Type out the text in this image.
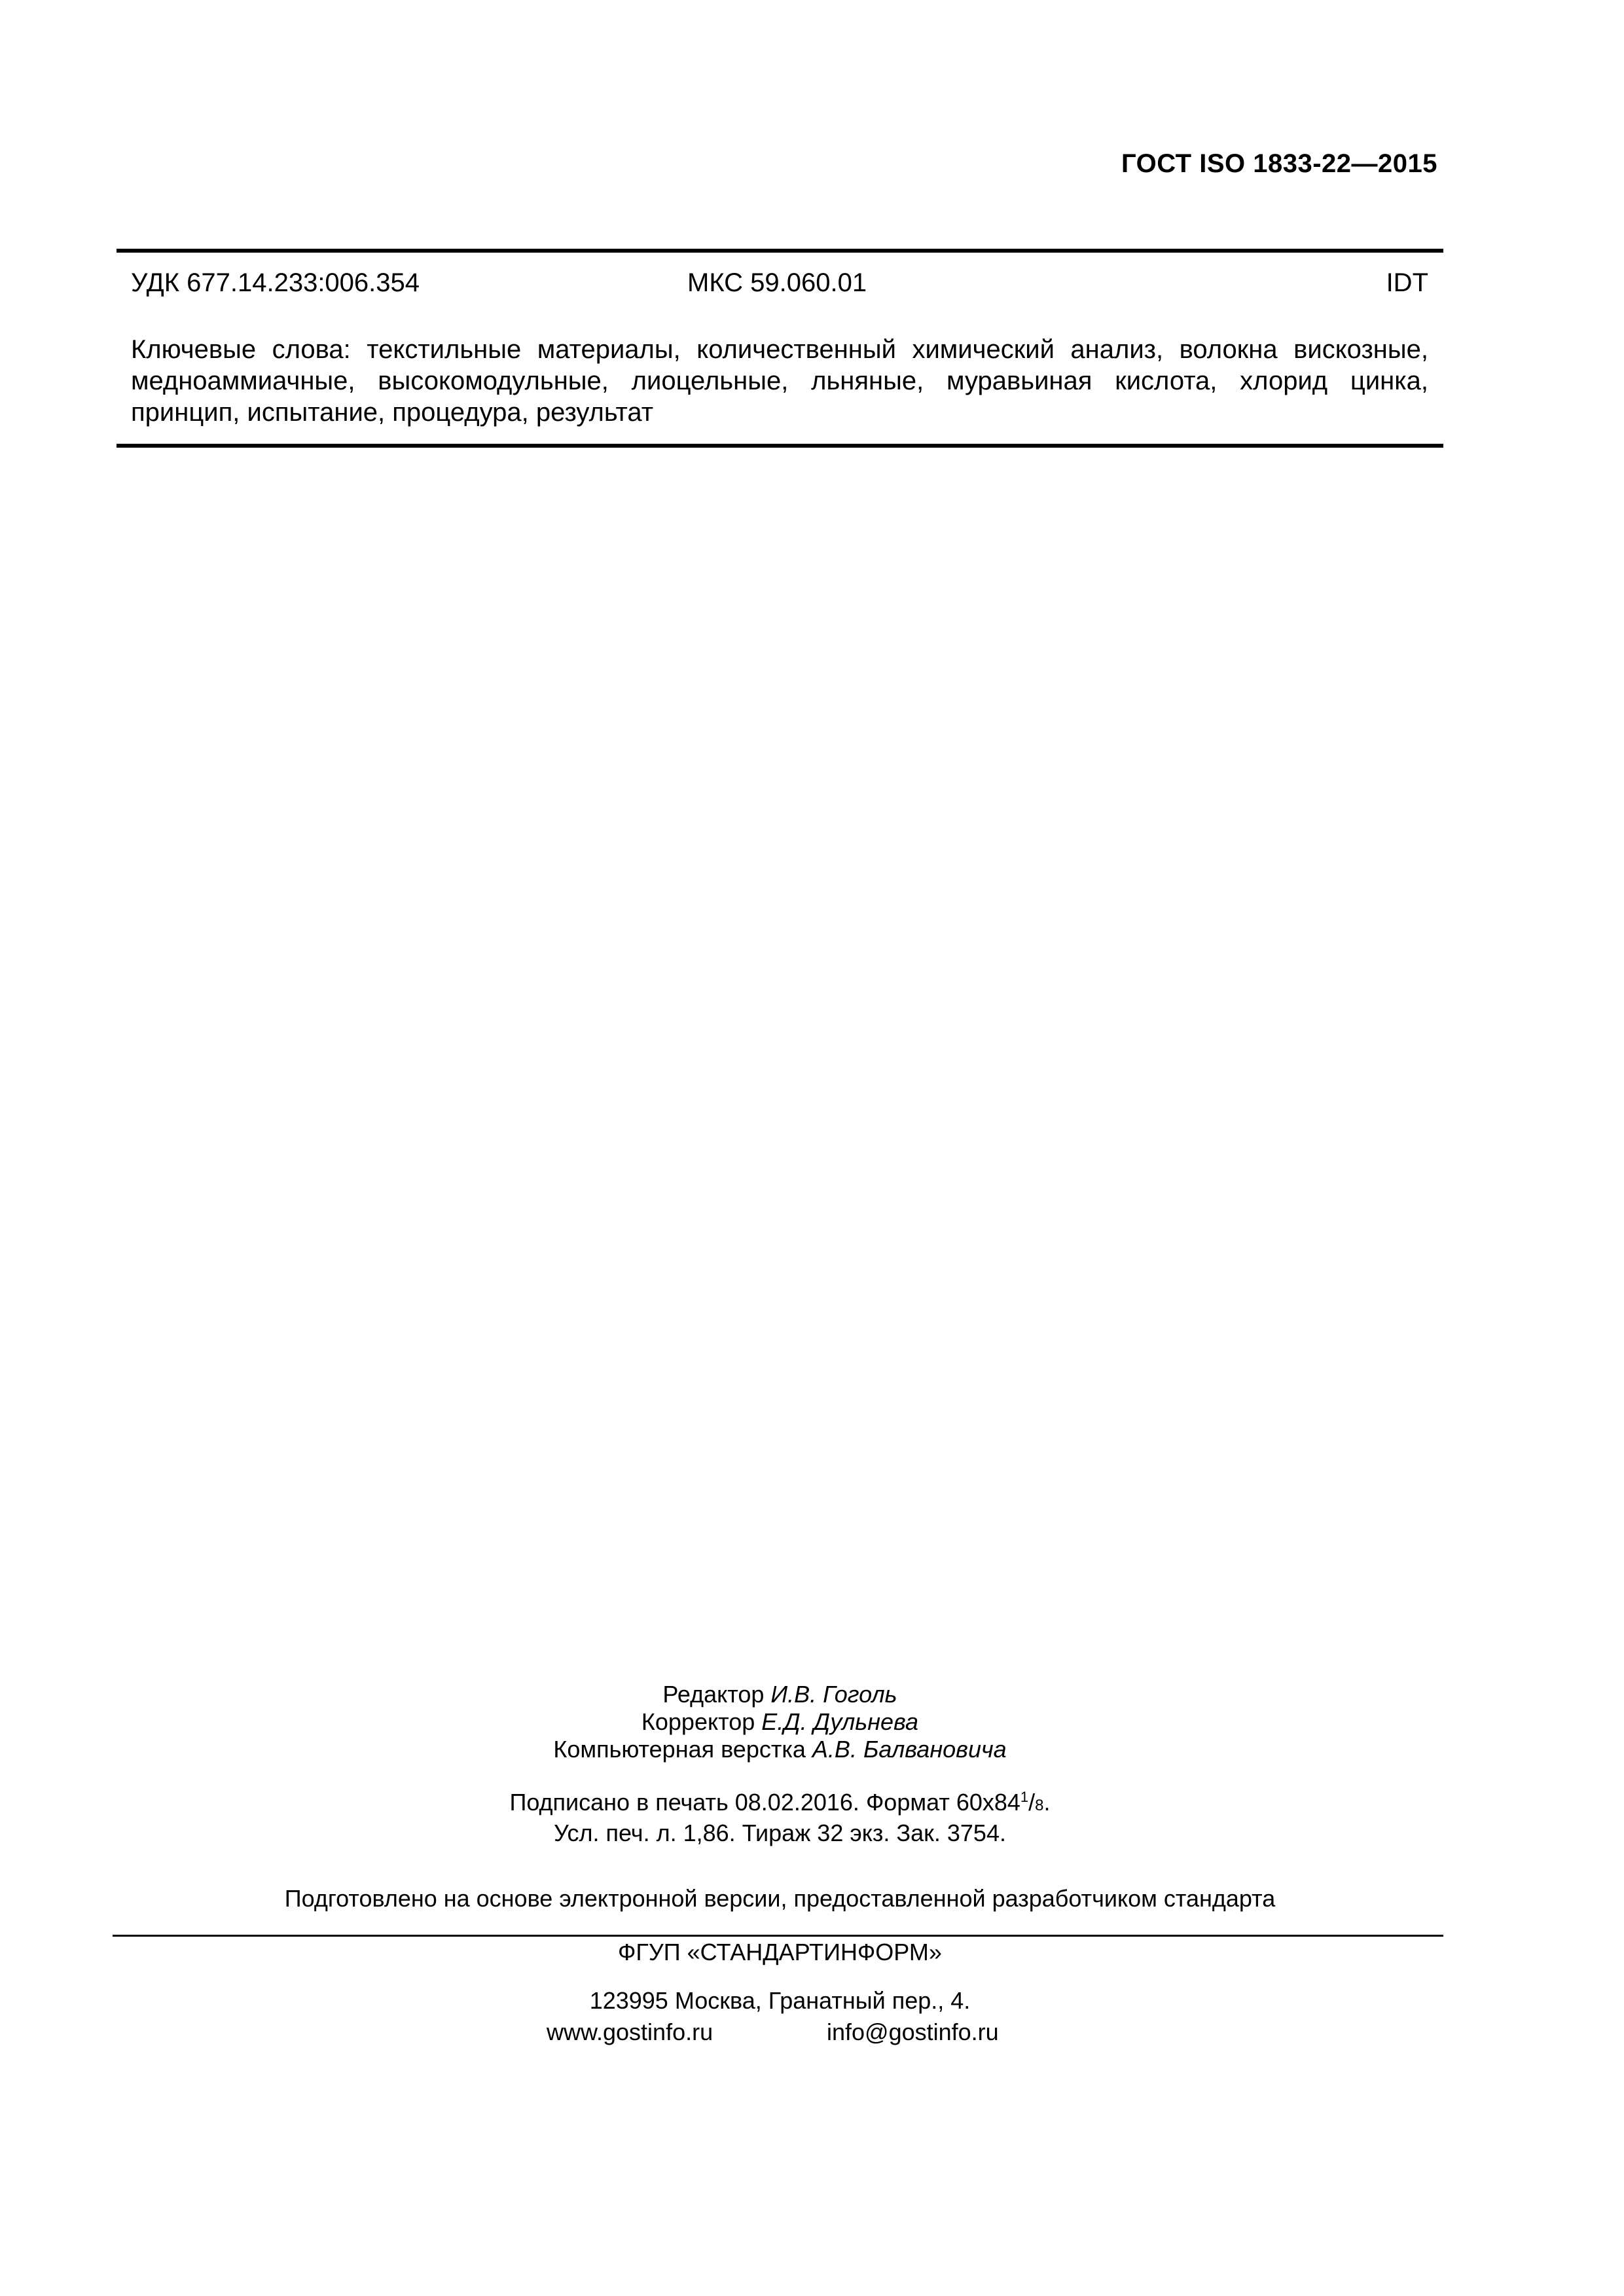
ГОСТ ISO 1833-22—2015
УДК 677.14.233:006.354	МКС 59.060.01	IDT
Ключевые слова: текстильные материалы, количественный химический анализ, волокна вискозные,
медноаммиачные, высокомодульные, лиоцельные, льняные, муравьиная кислота, хлорид цинка,
принцип, испытание, процедура, результат
Редактор И.В. Гоголь
Корректор Е.Д. Дульнева
Компьютерная верстка А.В. Балвановича
Подписано в печать 08.02.2016. Формат $60x84^1/8$.
Усл. печ. л. 1,86. Тираж 32 экз. Зак. 3754.
Подготовлено на основе электронной версии, предоставленной разработчиком стандарта
ФГУП «СТАНДАРТИНФОРМ»
123995 Москва, Гранатный пер., 4.
www.gostinfo.ru	info@gostinfo.ru
